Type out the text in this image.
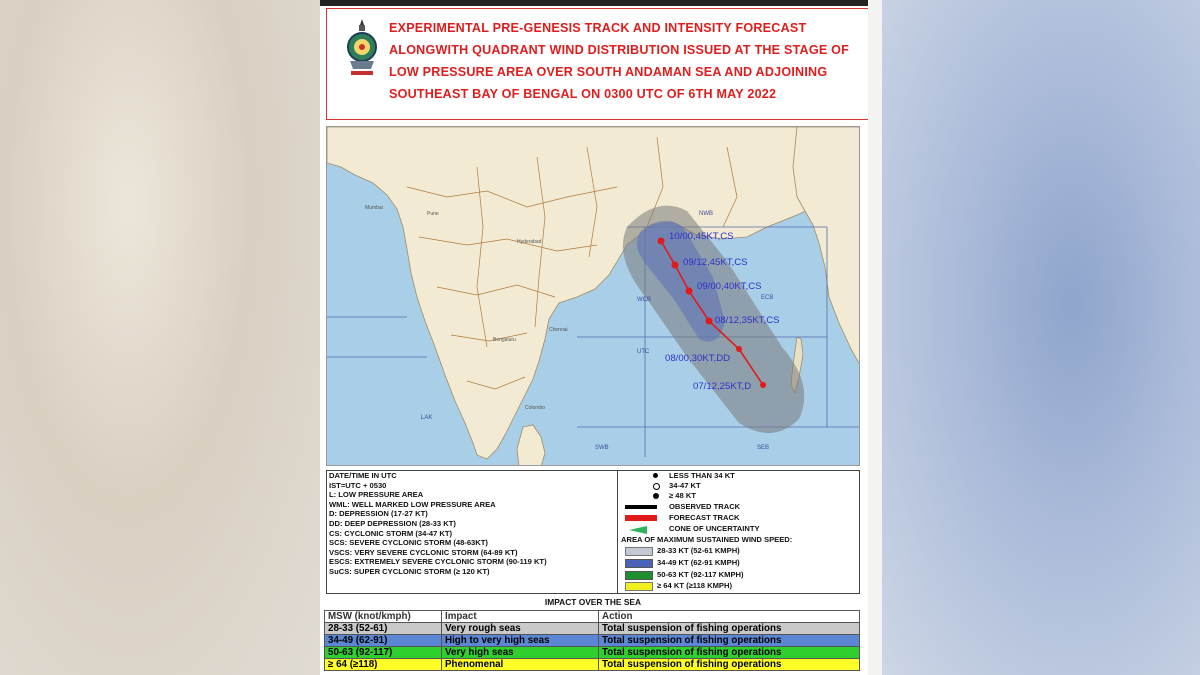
EXPERIMENTAL PRE-GENESIS TRACK AND INTENSITY FORECAST
ALONGWITH QUADRANT WIND DISTRIBUTION ISSUED AT THE STAGE OF
LOW PRESSURE AREA OVER SOUTH ANDAMAN SEA AND ADJOINING
SOUTHEAST BAY OF BENGAL ON 0300 UTC OF 6TH MAY 2022
10/00,45KT,CS
09/12,45KT,CS
09/00,40KT,CS
08/12,35KT,CS
08/00,30KT,DD
07/12,25KT,D
NWB
WCB	ECB
UTC
SWB	SEB
LAK
Mumbai
Pune
Hyderabad
Chennai
Bengaluru
Colombo
DATE/TIME IN UTC
IST=UTC + 0530
L: LOW PRESSURE AREA
WML: WELL MARKED LOW PRESSURE AREA
D: DEPRESSION (17-27 KT)
DD: DEEP DEPRESSION (28-33 KT)
CS: CYCLONIC STORM (34-47 KT)
SCS: SEVERE CYCLONIC STORM (48-63KT)
VSCS: VERY SEVERE CYCLONIC STORM (64-89 KT)
ESCS: EXTREMELY SEVERE CYCLONIC STORM (90-119 KT)
SuCS: SUPER CYCLONIC STORM (≥ 120 KT)
LESS THAN 34 KT
34-47 KT
≥ 48 KT
OBSERVED TRACK
FORECAST TRACK
CONE OF UNCERTAINTY
AREA OF MAXIMUM SUSTAINED WIND SPEED:
28-33 KT (52-61 KMPH)
34-49 KT (62-91 KMPH)
50-63 KT (92-117 KMPH)
≥ 64 KT (≥118 KMPH)
IMPACT OVER THE SEA
MSW (knot/kmph)	Impact	Action
28-33 (52-61)	Very rough seas	Total suspension of fishing operations
34-49 (62-91)	High to very high seas	Total suspension of fishing operations
50-63 (92-117)	Very high seas	Total suspension of fishing operations
≥ 64 (≥118)	Phenomenal	Total suspension of fishing operations
